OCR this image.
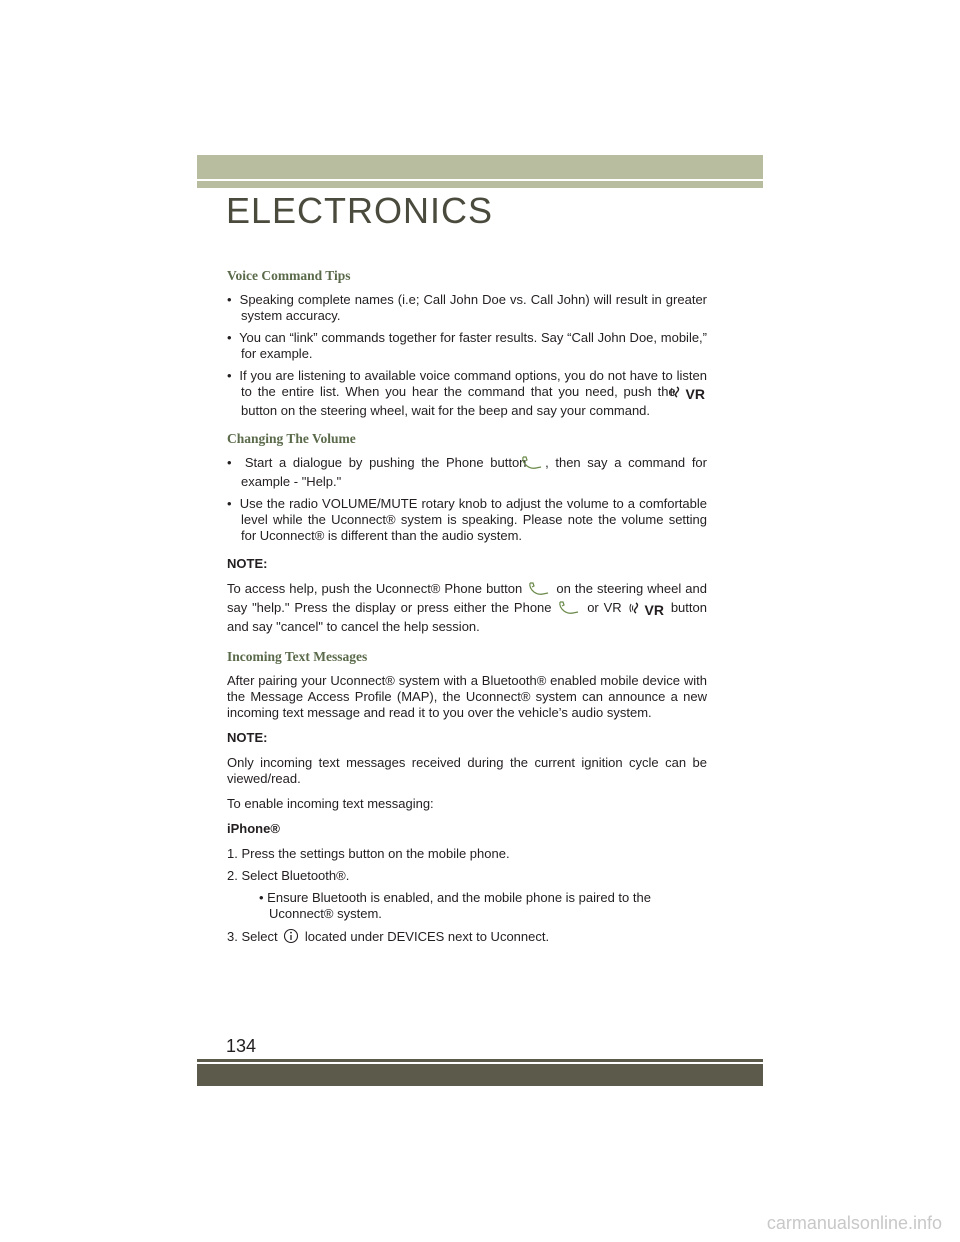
ELECTRONICS
Voice Command Tips
•  Speaking complete names (i.e; Call John Doe vs. Call John) will result in greater system accuracy.
•  You can “link” commands together for faster results. Say “Call John Doe, mobile,” for example.
•  If you are listening to available voice command options, you do not have to listen to the entire list. When you hear the command that you need, push the VR button on the steering wheel, wait for the beep and say your command.
Changing The Volume
•  Start a dialogue by pushing the Phone button , then say a command for example - "Help."
•  Use the radio VOLUME/MUTE rotary knob to adjust the volume to a comfortable level while the Uconnect® system is speaking. Please note the volume setting for Uconnect® is different than the audio system.

NOTE:

To access help, push the Uconnect® Phone button	on the steering wheel and say "help." Press the display or press either the Phone	or VR VR button and say "cancel" to cancel the help session.

Incoming Text Messages

After pairing your Uconnect® system with a Bluetooth® enabled mobile device with the Message Access Profile (MAP), the Uconnect® system can announce a new incoming text message and read it to you over the vehicle’s audio system.

NOTE:

Only incoming text messages received during the current ignition cycle can be viewed/read.

To enable incoming text messaging:

iPhone®

1. Press the settings button on the mobile phone.
2. Select Bluetooth®.
• Ensure Bluetooth is enabled, and the mobile phone is paired to the Uconnect® system.
3. Select located under DEVICES next to Uconnect.
134
carmanualsonline.info
